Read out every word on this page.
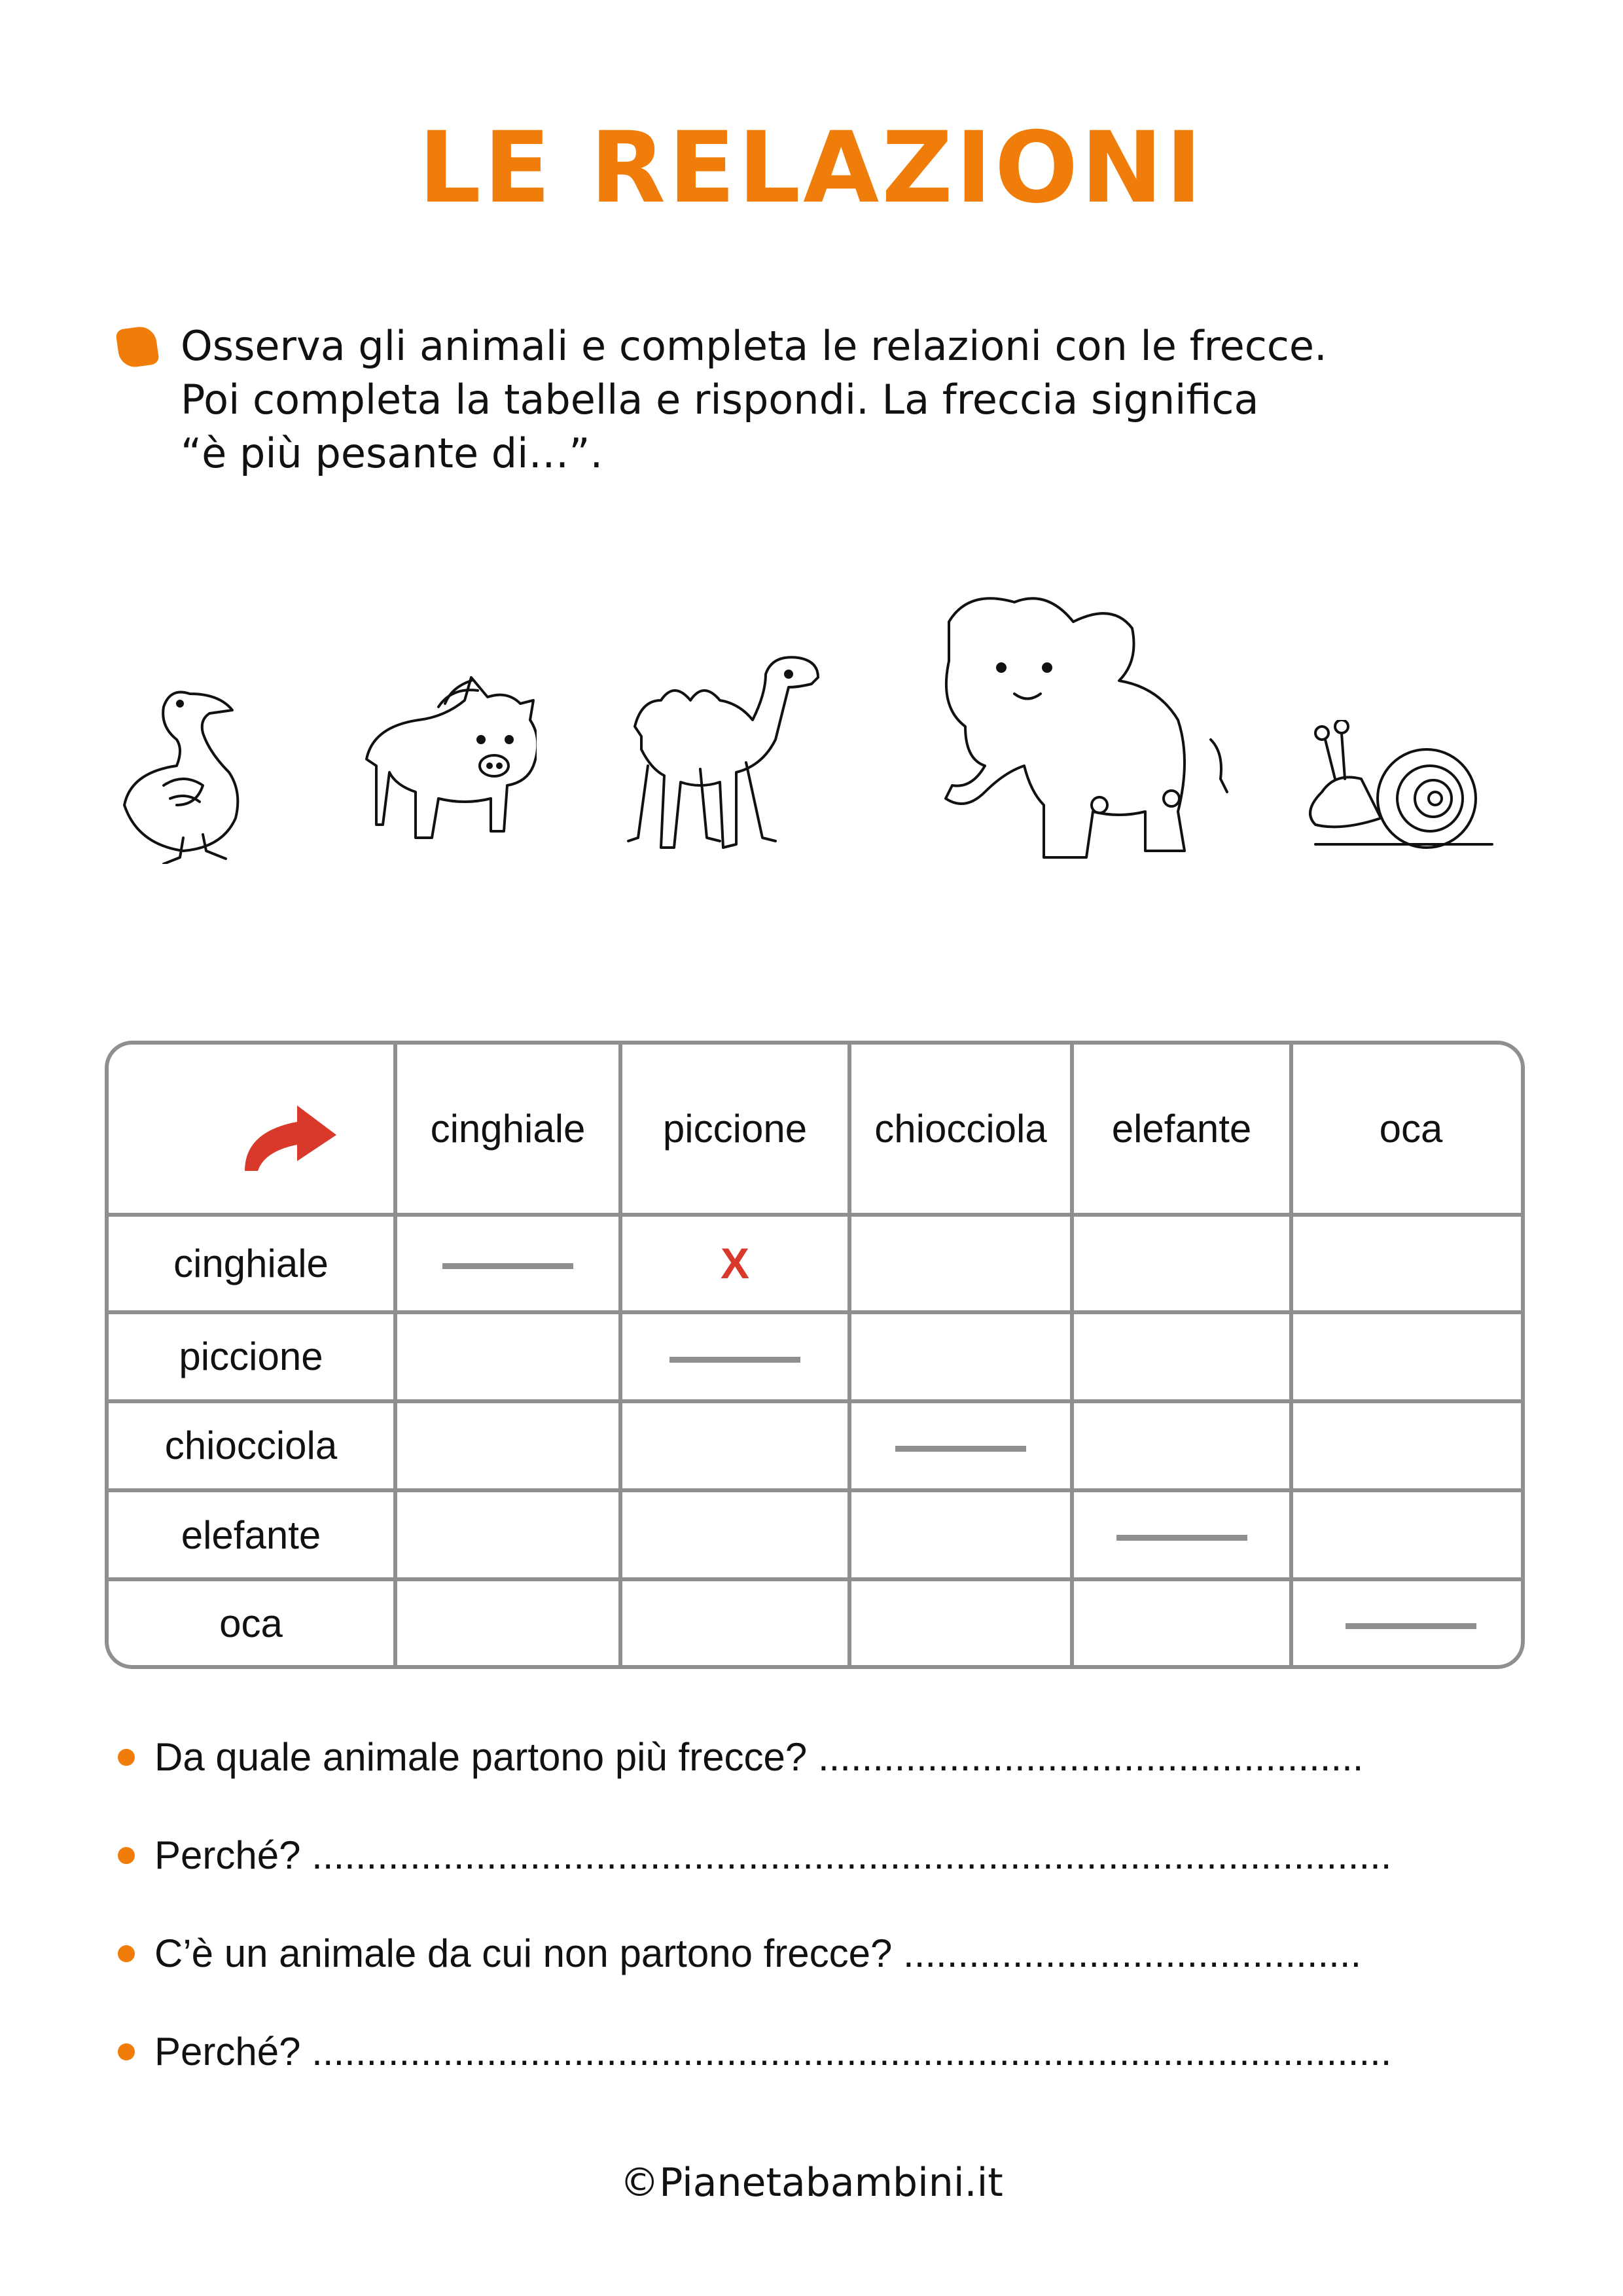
LE RELAZIONI
Osserva gli animali e completa le relazioni con le frecce.
Poi completa la tabella e rispondi. La freccia significa
“è più pesante di…”.
	cinghiale	piccione	chiocciola	elefante	oca
cinghiale		X			
piccione					
chiocciola					
elefante					
oca					
Da quale animale partono più frecce? ..................................................
Perché? ...................................................................................................
C’è un animale da cui non partono frecce? ..........................................
Perché? ...................................................................................................
©Pianetabambini.it
